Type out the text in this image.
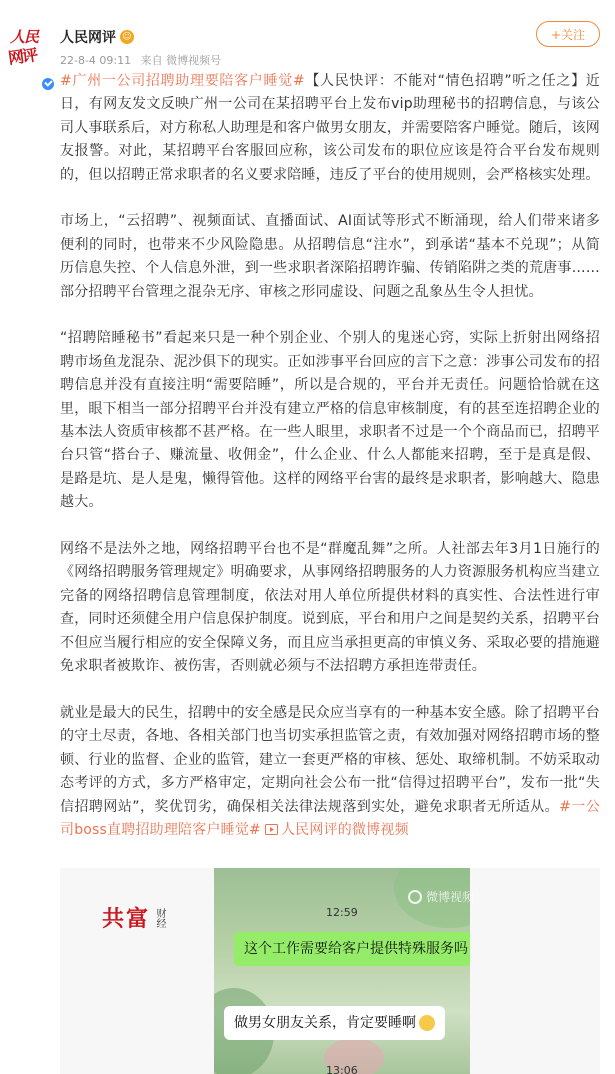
人民
网评
人民网评 ☺
22-8-4 09:11 来自 微博视频号
+关注

#广州一公司招聘助理要陪客户睡觉#【人民快评：不能对“情色招聘”听之任之】近日，有网友发文反映广州一公司在某招聘平台上发布vip助理秘书的招聘信息，与该公司人事联系后，对方称私人助理是和客户做男女朋友，并需要陪客户睡觉。随后，该网友报警。对此，某招聘平台客服回应称，该公司发布的职位应该是符合平台发布规则的，但以招聘正常求职者的名义要求陪睡，违反了平台的使用规则，会严格核实处理。

市场上，“云招聘”、视频面试、直播面试、AI面试等形式不断涌现，给人们带来诸多便利的同时，也带来不少风险隐患。从招聘信息“注水”，到承诺“基本不兑现”；从简历信息失控、个人信息外泄，到一些求职者深陷招聘诈骗、传销陷阱之类的荒唐事……部分招聘平台管理之混杂无序、审核之形同虚设、问题之乱象丛生令人担忧。

“招聘陪睡秘书”看起来只是一种个别企业、个别人的鬼迷心窍，实际上折射出网络招聘市场鱼龙混杂、泥沙俱下的现实。正如涉事平台回应的言下之意：涉事公司发布的招聘信息并没有直接注明“需要陪睡”，所以是合规的，平台并无责任。问题恰恰就在这里，眼下相当一部分招聘平台并没有建立严格的信息审核制度，有的甚至连招聘企业的基本法人资质审核都不甚严格。在一些人眼里，求职者不过是一个个商品而已，招聘平台只管“搭台子、赚流量、收佣金”，什么企业、什么人都能来招聘，至于是真是假、是路是坑、是人是鬼，懒得管他。这样的网络平台害的最终是求职者，影响越大、隐患越大。

网络不是法外之地，网络招聘平台也不是“群魔乱舞”之所。人社部去年3月1日施行的《网络招聘服务管理规定》明确要求，从事网络招聘服务的人力资源服务机构应当建立完备的网络招聘信息管理制度，依法对用人单位所提供材料的真实性、合法性进行审查，同时还须健全用户信息保护制度。说到底，平台和用户之间是契约关系，招聘平台不但应当履行相应的安全保障义务，而且应当承担更高的审慎义务、采取必要的措施避免求职者被欺诈、被伤害，否则就必须与不法招聘方承担连带责任。

就业是最大的民生，招聘中的安全感是民众应当享有的一种基本安全感。除了招聘平台的守土尽责，各地、各相关部门也当切实承担监管之责，有效加强对网络招聘市场的整顿、行业的监督、企业的监管，建立一套更严格的审核、惩处、取缔机制。不妨采取动态考评的方式，多方严格审定，定期向社会公布一批“信得过招聘平台”，发布一批“失信招聘网站”，奖优罚劣，确保相关法律法规落到实处，避免求职者无所适从。#一公司boss直聘招助理陪客户睡觉# 人民网评的微博视频

共富 财经	12:59
这个工作需要给客户提供特殊服务吗
做男女朋友关系，肯定要睡啊
13:06
微博视频
